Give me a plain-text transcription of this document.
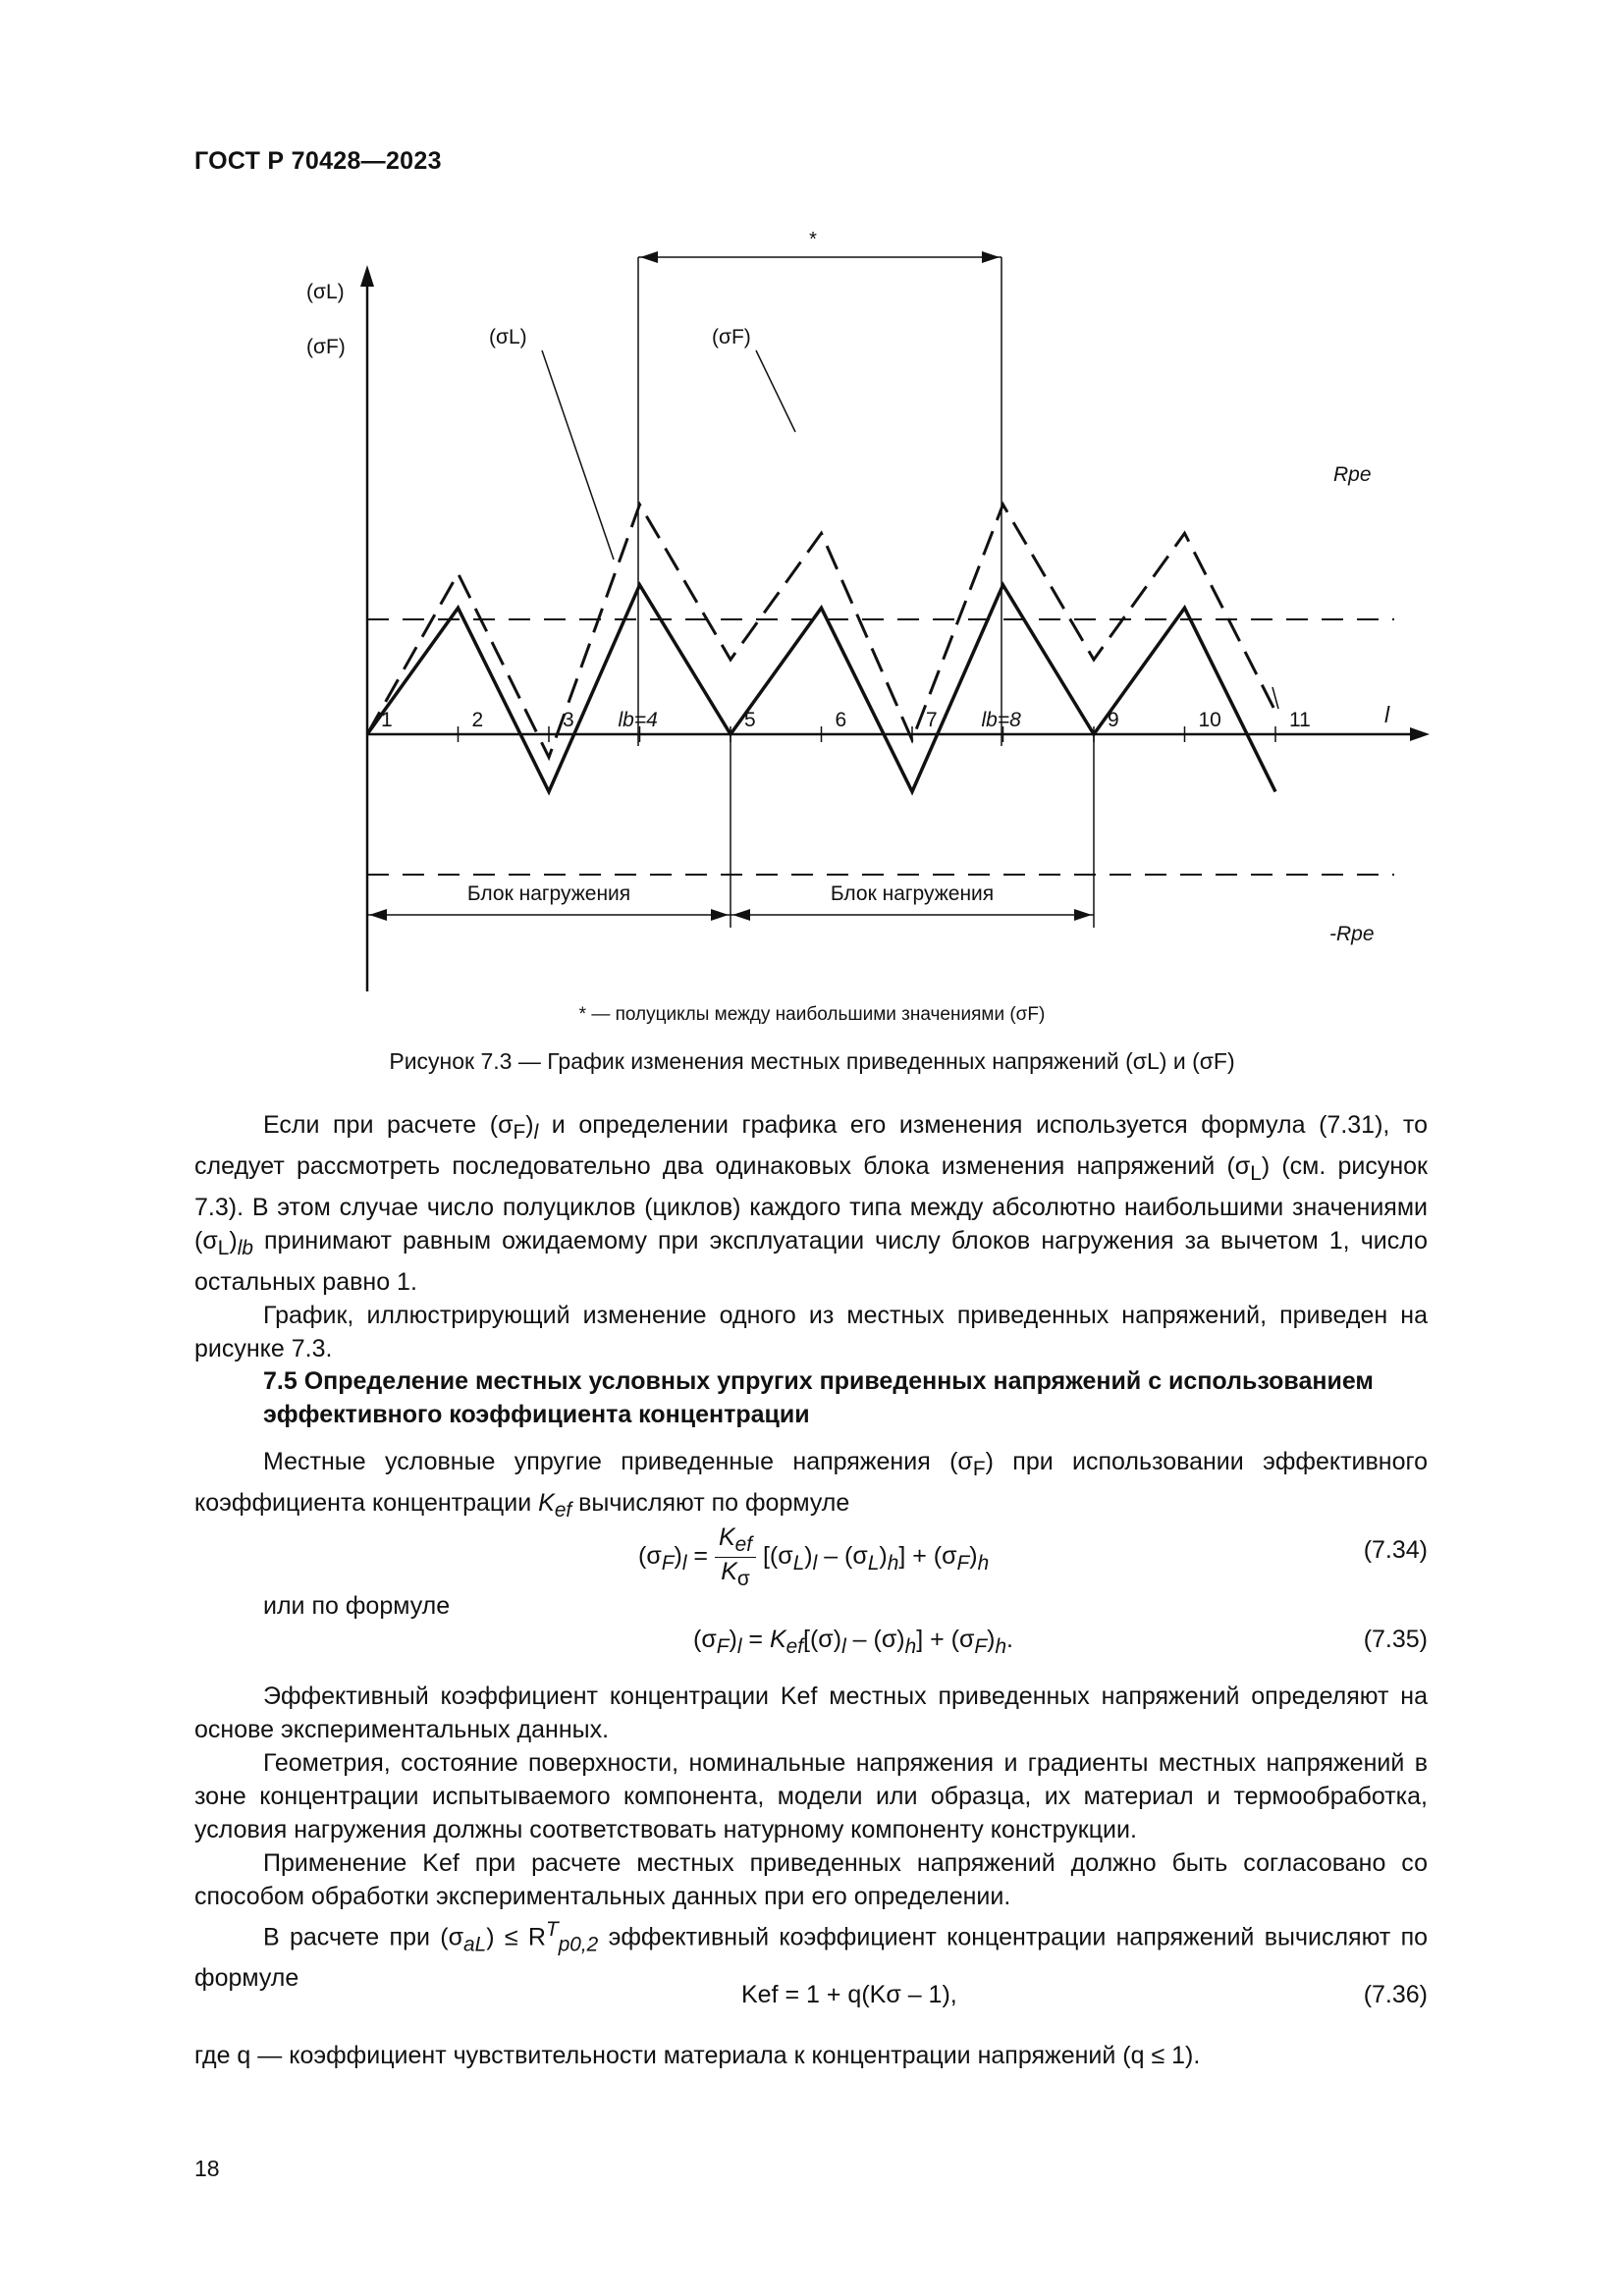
ГОСТ Р 70428—2023
*
Блок нагружения	Блок нагружения
(σL)
(σF)	(σL)	(σF)
Rpe
-Rpe
l
1	2	3 lb=4	5	6	7 lb=8	9	10	11
* — полуциклы между наибольшими значениями (σF)
Рисунок 7.3 — График изменения местных приведенных напряжений (σL) и (σF)

Если при расчете $(\sigma_F)_l$ и определении графика его изменения используется формула (7.31), то следует рассмотреть последовательно два одинаковых блока изменения напряжений $(\sigma_L)$ (см. рисунок 7.3). В этом случае число полуциклов (циклов) каждого типа между абсолютно наибольшими значениями $(\sigma_L)_{lb}$ принимают равным ожидаемому при эксплуатации числу блоков нагружения за вычетом 1, число остальных равно 1.

График, иллюстрирующий изменение одного из местных приведенных напряжений, приведен на рисунке 7.3.

7.5 Определение местных условных упругих приведенных напряжений с использованием эффективного коэффициента концентрации

Местные условные упругие приведенные напряжения $(\sigma_F)$ при использовании эффективного коэффициента концентрации $K_{ef}$ вычисляют по формуле

$(\sigma_F)_l = \frac{K_{ef}}{K_\sigma} [(\sigma_L)_l - (\sigma_L)_h] + (\sigma_F)_h$	(7.34)
или по формуле
$(\sigma_F)_l = K_{ef}[(\sigma)_l - (\sigma)_h] + (\sigma_F)_h$.	(7.35)

Эффективный коэффициент концентрации Kef местных приведенных напряжений определяют на основе экспериментальных данных.

Геометрия, состояние поверхности, номинальные напряжения и градиенты местных напряжений в зоне концентрации испытываемого компонента, модели или образца, их материал и термообработка, условия нагружения должны соответствовать натурному компоненту конструкции.

Применение Kef при расчете местных приведенных напряжений должно быть согласовано со способом обработки экспериментальных данных при его определении.

В расчете при $(\sigma_{aL}) \le R^T_{p0,2}$ эффективный коэффициент концентрации напряжений вычисляют по формуле

Kef = 1 + q(Kσ – 1),	(7.36)
где q — коэффициент чувствительности материала к концентрации напряжений (q ≤ 1).
18
